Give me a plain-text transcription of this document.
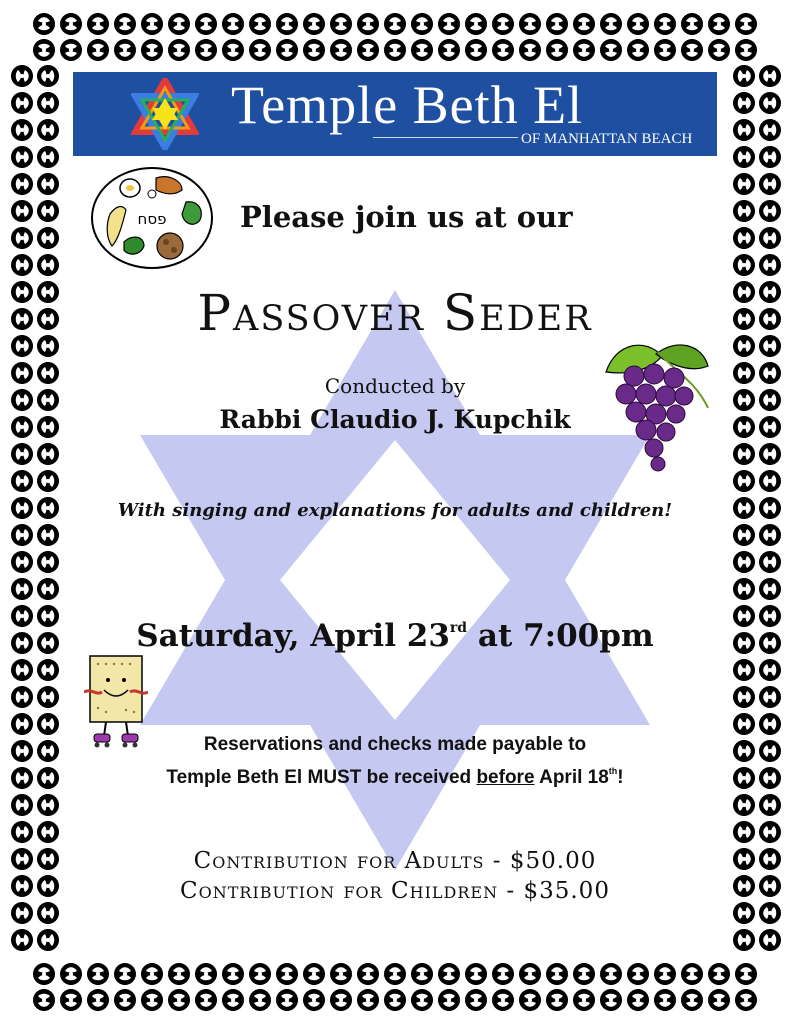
Temple Beth El
OF MANHATTAN BEACH
פסח	Please join us at our
Passover Seder
Conducted by
Rabbi Claudio J. Kupchik
With singing and explanations for adults and children!
Saturday, April 23rd at 7:00pm
Reservations and checks made payable to
Temple Beth El MUST be received before April 18th!
Contribution for Adults - $50.00
Contribution for Children - $35.00
